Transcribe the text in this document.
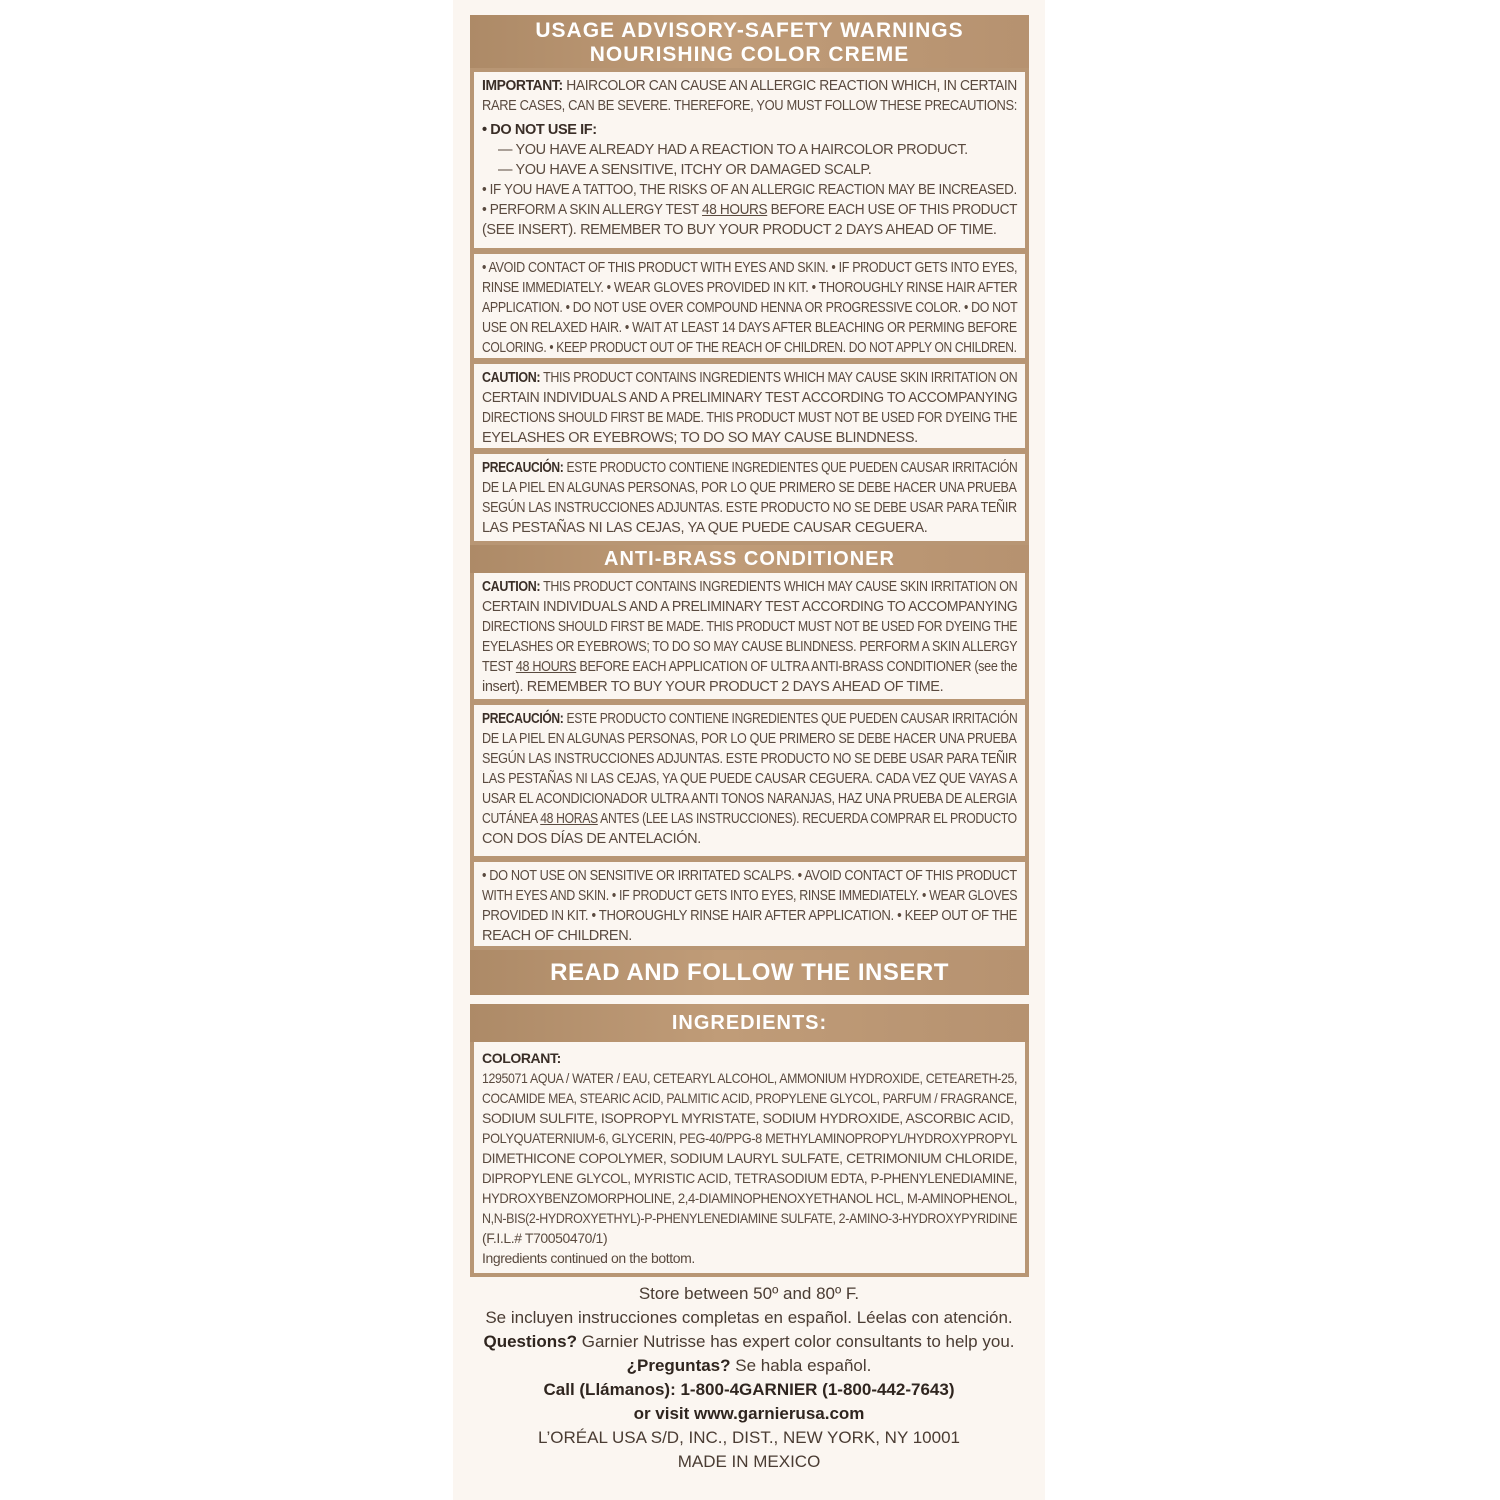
USAGE ADVISORY-SAFETY WARNINGS
NOURISHING COLOR CREME
IMPORTANT: HAIRCOLOR CAN CAUSE AN ALLERGIC REACTION WHICH, IN CERTAIN
RARE CASES, CAN BE SEVERE. THEREFORE, YOU MUST FOLLOW THESE PRECAUTIONS:
• DO NOT USE IF:
— YOU HAVE ALREADY HAD A REACTION TO A HAIRCOLOR PRODUCT.
— YOU HAVE A SENSITIVE, ITCHY OR DAMAGED SCALP.
• IF YOU HAVE A TATTOO, THE RISKS OF AN ALLERGIC REACTION MAY BE INCREASED.
• PERFORM A SKIN ALLERGY TEST 48 HOURS BEFORE EACH USE OF THIS PRODUCT
(SEE INSERT). REMEMBER TO BUY YOUR PRODUCT 2 DAYS AHEAD OF TIME.
• AVOID CONTACT OF THIS PRODUCT WITH EYES AND SKIN. • IF PRODUCT GETS INTO EYES,
RINSE IMMEDIATELY. • WEAR GLOVES PROVIDED IN KIT. • THOROUGHLY RINSE HAIR AFTER
APPLICATION. • DO NOT USE OVER COMPOUND HENNA OR PROGRESSIVE COLOR. • DO NOT
USE ON RELAXED HAIR. • WAIT AT LEAST 14 DAYS AFTER BLEACHING OR PERMING BEFORE
COLORING. • KEEP PRODUCT OUT OF THE REACH OF CHILDREN. DO NOT APPLY ON CHILDREN.
CAUTION: THIS PRODUCT CONTAINS INGREDIENTS WHICH MAY CAUSE SKIN IRRITATION ON
CERTAIN INDIVIDUALS AND A PRELIMINARY TEST ACCORDING TO ACCOMPANYING
DIRECTIONS SHOULD FIRST BE MADE. THIS PRODUCT MUST NOT BE USED FOR DYEING THE
EYELASHES OR EYEBROWS; TO DO SO MAY CAUSE BLINDNESS.
PRECAUCIÓN: ESTE PRODUCTO CONTIENE INGREDIENTES QUE PUEDEN CAUSAR IRRITACIÓN
DE LA PIEL EN ALGUNAS PERSONAS, POR LO QUE PRIMERO SE DEBE HACER UNA PRUEBA
SEGÚN LAS INSTRUCCIONES ADJUNTAS. ESTE PRODUCTO NO SE DEBE USAR PARA TEÑIR
LAS PESTAÑAS NI LAS CEJAS, YA QUE PUEDE CAUSAR CEGUERA.
ANTI-BRASS CONDITIONER
CAUTION: THIS PRODUCT CONTAINS INGREDIENTS WHICH MAY CAUSE SKIN IRRITATION ON
CERTAIN INDIVIDUALS AND A PRELIMINARY TEST ACCORDING TO ACCOMPANYING
DIRECTIONS SHOULD FIRST BE MADE. THIS PRODUCT MUST NOT BE USED FOR DYEING THE
EYELASHES OR EYEBROWS; TO DO SO MAY CAUSE BLINDNESS. PERFORM A SKIN ALLERGY
TEST 48 HOURS BEFORE EACH APPLICATION OF ULTRA ANTI-BRASS CONDITIONER (see the
insert). REMEMBER TO BUY YOUR PRODUCT 2 DAYS AHEAD OF TIME.
PRECAUCIÓN: ESTE PRODUCTO CONTIENE INGREDIENTES QUE PUEDEN CAUSAR IRRITACIÓN
DE LA PIEL EN ALGUNAS PERSONAS, POR LO QUE PRIMERO SE DEBE HACER UNA PRUEBA
SEGÚN LAS INSTRUCCIONES ADJUNTAS. ESTE PRODUCTO NO SE DEBE USAR PARA TEÑIR
LAS PESTAÑAS NI LAS CEJAS, YA QUE PUEDE CAUSAR CEGUERA. CADA VEZ QUE VAYAS A
USAR EL ACONDICIONADOR ULTRA ANTI TONOS NARANJAS, HAZ UNA PRUEBA DE ALERGIA
CUTÁNEA 48 HORAS ANTES (LEE LAS INSTRUCCIONES). RECUERDA COMPRAR EL PRODUCTO
CON DOS DÍAS DE ANTELACIÓN.
• DO NOT USE ON SENSITIVE OR IRRITATED SCALPS. • AVOID CONTACT OF THIS PRODUCT
WITH EYES AND SKIN. • IF PRODUCT GETS INTO EYES, RINSE IMMEDIATELY. • WEAR GLOVES
PROVIDED IN KIT. • THOROUGHLY RINSE HAIR AFTER APPLICATION. • KEEP OUT OF THE
REACH OF CHILDREN.
READ AND FOLLOW THE INSERT
INGREDIENTS:
COLORANT:
1295071 AQUA / WATER / EAU, CETEARYL ALCOHOL, AMMONIUM HYDROXIDE, CETEARETH-25,
COCAMIDE MEA, STEARIC ACID, PALMITIC ACID, PROPYLENE GLYCOL, PARFUM / FRAGRANCE,
SODIUM SULFITE, ISOPROPYL MYRISTATE, SODIUM HYDROXIDE, ASCORBIC ACID,
POLYQUATERNIUM-6, GLYCERIN, PEG-40/PPG-8 METHYLAMINOPROPYL/HYDROXYPROPYL
DIMETHICONE COPOLYMER, SODIUM LAURYL SULFATE, CETRIMONIUM CHLORIDE,
DIPROPYLENE GLYCOL, MYRISTIC ACID, TETRASODIUM EDTA, P-PHENYLENEDIAMINE,
HYDROXYBENZOMORPHOLINE, 2,4-DIAMINOPHENOXYETHANOL HCL, M-AMINOPHENOL,
N,N-BIS(2-HYDROXYETHYL)-P-PHENYLENEDIAMINE SULFATE, 2-AMINO-3-HYDROXYPYRIDINE
(F.I.L.# T70050470/1)
Ingredients continued on the bottom.
Store between 50º and 80º F.
Se incluyen instrucciones completas en español. Léelas con atención.
Questions? Garnier Nutrisse has expert color consultants to help you.
¿Preguntas? Se habla español.
Call (Llámanos): 1-800-4GARNIER (1-800-442-7643)
or visit www.garnierusa.com
L’ORÉAL USA S/D, INC., DIST., NEW YORK, NY 10001
MADE IN MEXICO
